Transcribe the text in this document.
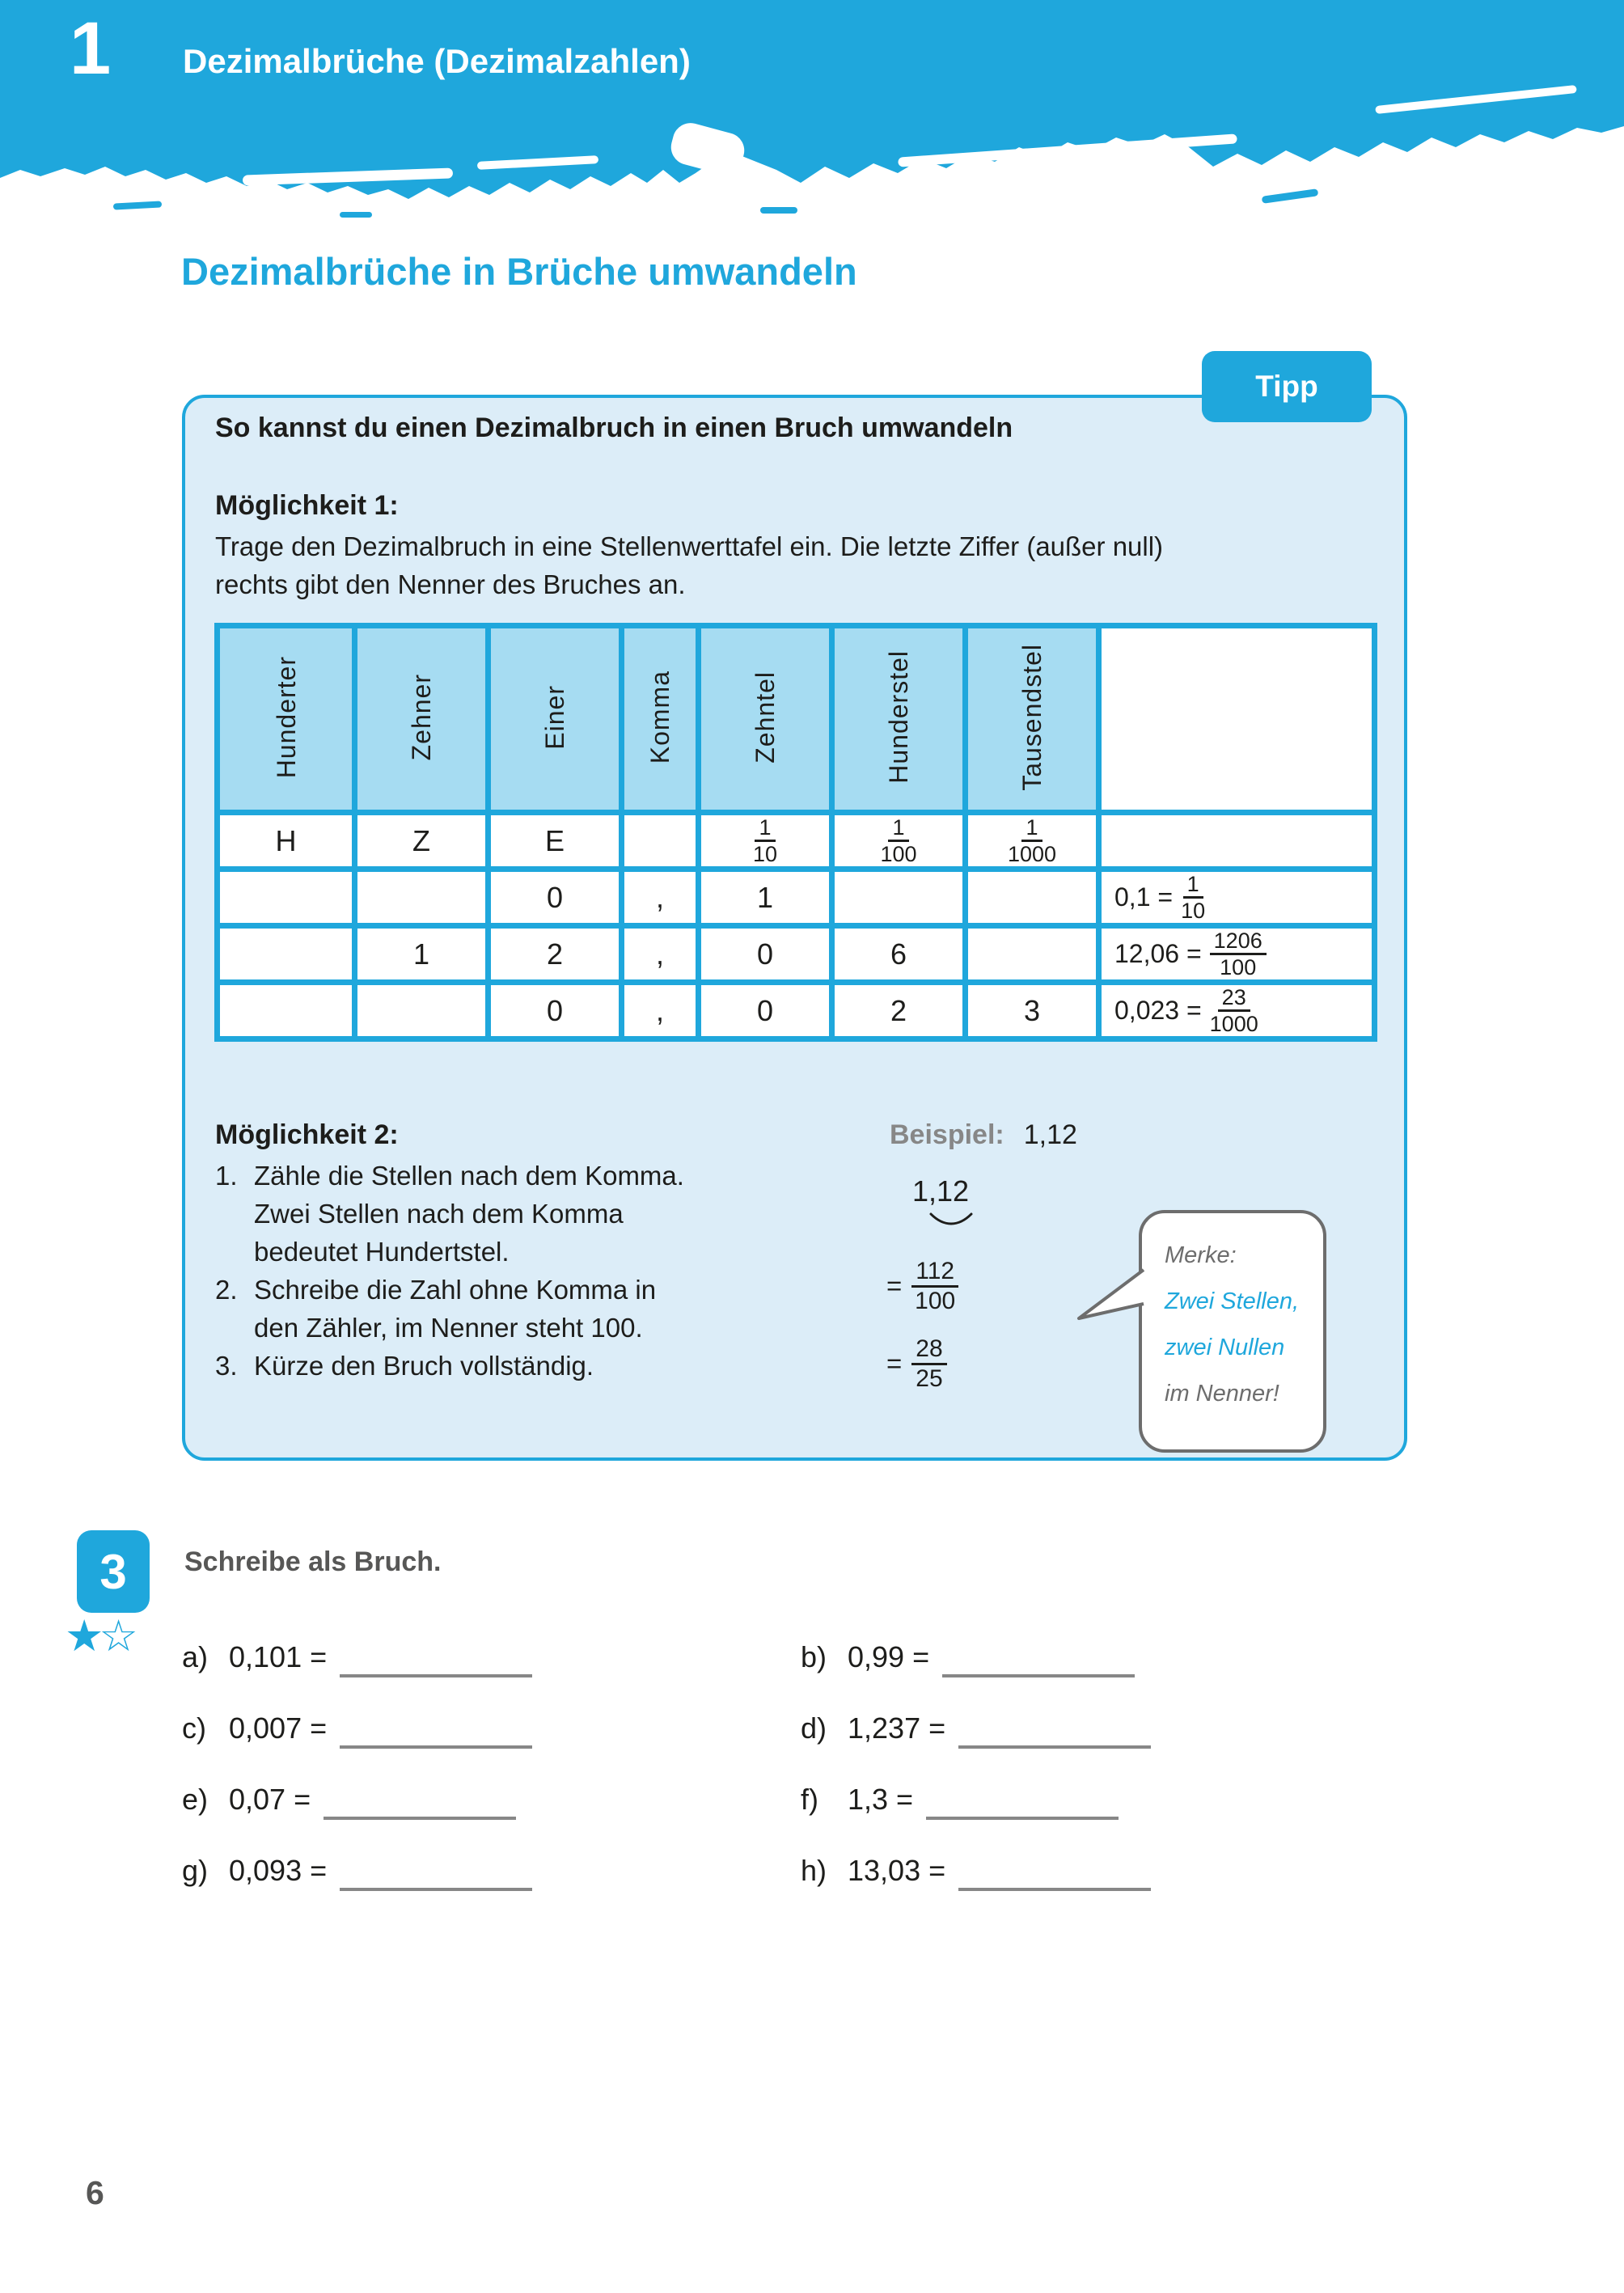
1 Dezimalbrüche (Dezimalzahlen)
Dezimalbrüche in Brüche umwandeln
Tipp
So kannst du einen Dezimalbruch in einen Bruch umwandeln
Möglichkeit 1:
Trage den Dezimalbruch in eine Stellenwerttafel ein. Die letzte Ziffer (außer null)
rechts gibt den Nenner des Bruches an.
Hunderter	Zehner	Einer	Komma	Zehntel	Hunderstel	Tausendstel	
H	Z	E		$\frac{1}{10}$	$\frac{1}{100}$	$\frac{1}{1000}$

		0	,	1			$0,1 = \frac{1}{10}$

	1	2	,	0	6		$12,06 = \frac{1206}{100}$

		0	,	0	2	3	$0,023 = \frac{23}{1000}$
Möglichkeit 2:	Beispiel: 1,12
1. Zähle die Stellen nach dem Komma.
Zwei Stellen nach dem Komma
bedeutet Hundertstel.
2. Schreibe die Zahl ohne Komma in
den Zähler, im Nenner steht 100.
3. Kürze den Bruch vollständig.
1,12
= $\frac{112}{100}$
= $\frac{28}{25}$
Merke:
Zwei Stellen,
zwei Nullen
im Nenner!
3
★☆
Schreibe als Bruch.
a) 0,101 =	b) 0,99 =
c) 0,007 =	d) 1,237 =
e) 0,07 =	f)	1,3 =
g) 0,093 =	h) 13,03 =
6
